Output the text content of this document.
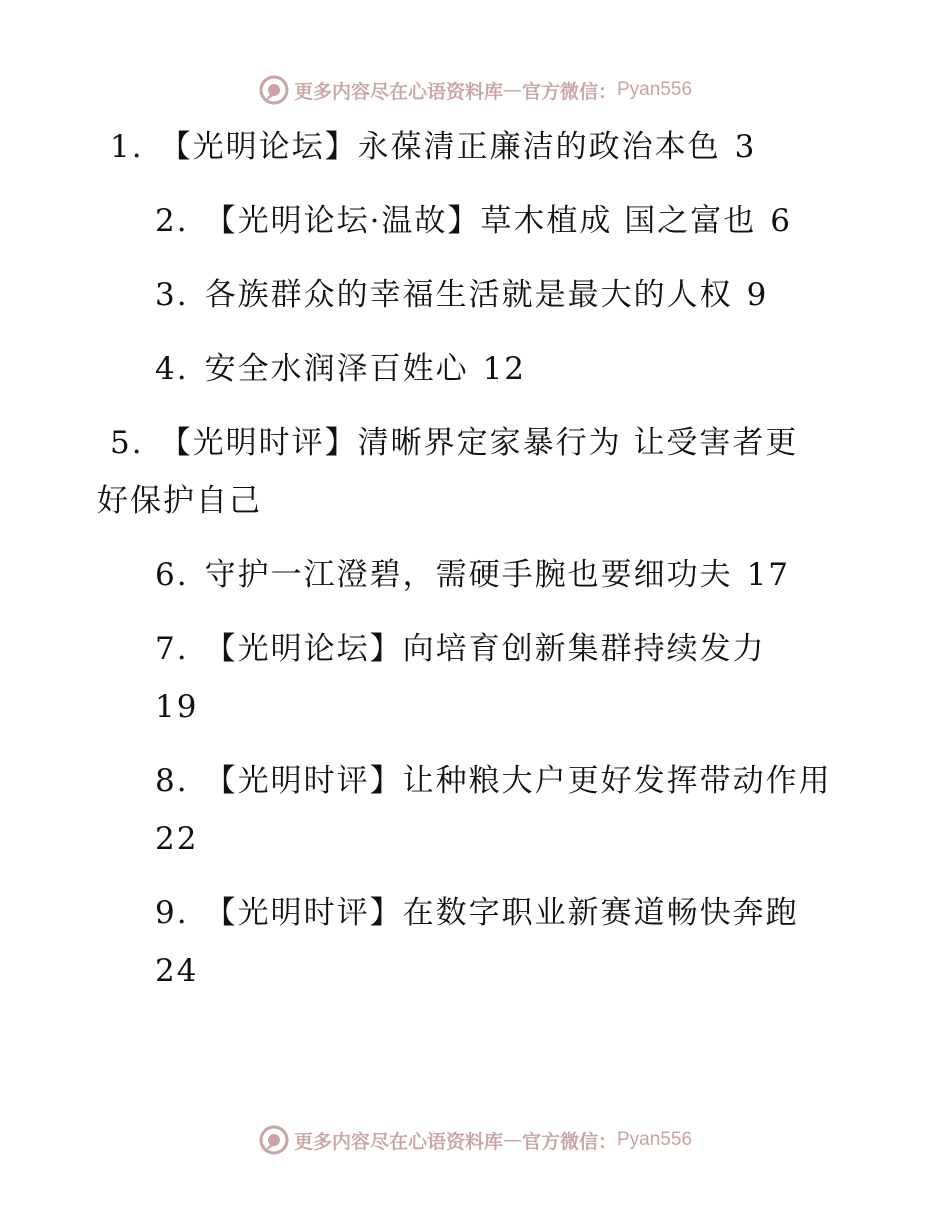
更多内容尽在心语资料库 — 官方微信： Pyan556
1. 【光明论坛】永葆清正廉洁的政治本色 3
2. 【光明论坛·温故】草木植成 国之富也 6
3. 各族群众的幸福生活就是最大的人权 9
4. 安全水润泽百姓心 12
5. 【光明时评】清晰界定家暴行为 让受害者更
好保护自己
6. 守护一江澄碧，需硬手腕也要细功夫 17
7. 【光明论坛】向培育创新集群持续发力
19
8. 【光明时评】让种粮大户更好发挥带动作用
22
9. 【光明时评】在数字职业新赛道畅快奔跑
24
更多内容尽在心语资料库 — 官方微信： Pyan556
